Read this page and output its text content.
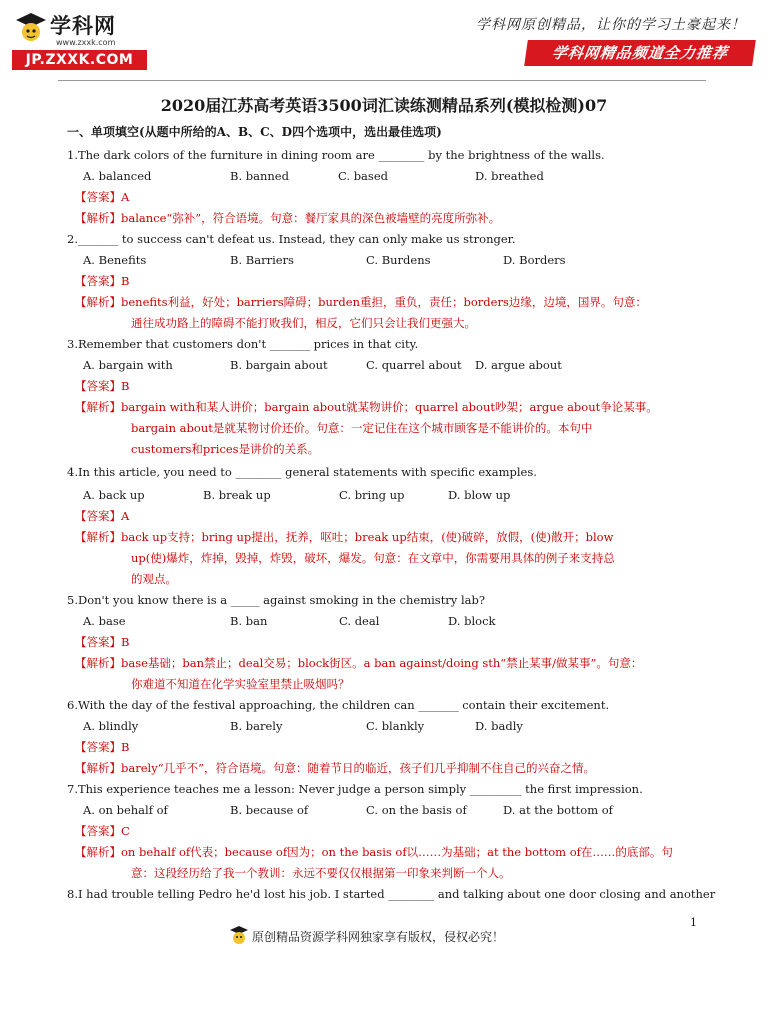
学科网
www.zxxk.com
JP.ZXXK.COM
学科网原创精品，让你的学习土豪起来！
学科网精品频道全力推荐
2020届江苏高考英语3500词汇读练测精品系列(模拟检测)07
一、单项填空(从题中所给的A、B、C、D四个选项中，选出最佳选项)
1.The dark colors of the furniture in dining room are ________ by the brightness of the walls.
A. balanced	B. banned	C. based	D. breathed
【答案】A
【解析】balance“弥补”，符合语境。句意：餐厅家具的深色被墙壁的亮度所弥补。
2._______ to success can't defeat us. Instead, they can only make us stronger.
A. Benefits	B. Barriers	C. Burdens	D. Borders
【答案】B
【解析】benefits利益，好处；barriers障碍；burden重担，重负，责任；borders边缘，边境，国界。句意：
通往成功路上的障碍不能打败我们，相反，它们只会让我们更强大。
3.Remember that customers don't _______ prices in that city.
A. bargain with	B. bargain about	C. quarrel about D. argue about
【答案】B
【解析】bargain with和某人讲价；bargain about就某物讲价；quarrel about吵架；argue about争论某事。
bargain about是就某物讨价还价。句意：一定记住在这个城市顾客是不能讲价的。本句中
customers和prices是讲价的关系。
4.In this article, you need to ________ general statements with specific examples.
A. back up	B. break up	C. bring up	D. blow up
【答案】A
【解析】back up支持；bring up提出，抚养，呕吐；break up结束，(使)破碎，放假，(使)散开；blow
up(使)爆炸，炸掉，毁掉，炸毁，破坏，爆发。句意：在文章中，你需要用具体的例子来支持总
的观点。
5.Don't you know there is a _____ against smoking in the chemistry lab?
A. base	B. ban	C. deal	D. block
【答案】B
【解析】base基础；ban禁止；deal交易；block街区。a ban against/doing sth“禁止某事/做某事”。句意：
你难道不知道在化学实验室里禁止吸烟吗？
6.With the day of the festival approaching, the children can _______ contain their excitement.
A. blindly	B. barely	C. blankly	D. badly
【答案】B
【解析】barely“几乎不”，符合语境。句意：随着节日的临近，孩子们几乎抑制不住自己的兴奋之情。
7.This experience teaches me a lesson: Never judge a person simply _________ the first impression.
A. on behalf of	B. because of	C. on the basis of	D. at the bottom of
【答案】C
【解析】on behalf of代表；because of因为；on the basis of以……为基础；at the bottom of在……的底部。句
意：这段经历给了我一个教训：永远不要仅仅根据第一印象来判断一个人。
8.I had trouble telling Pedro he'd lost his job. I started ________ and talking about one door closing and another
1
原创精品资源学科网独家享有版权，侵权必究！
